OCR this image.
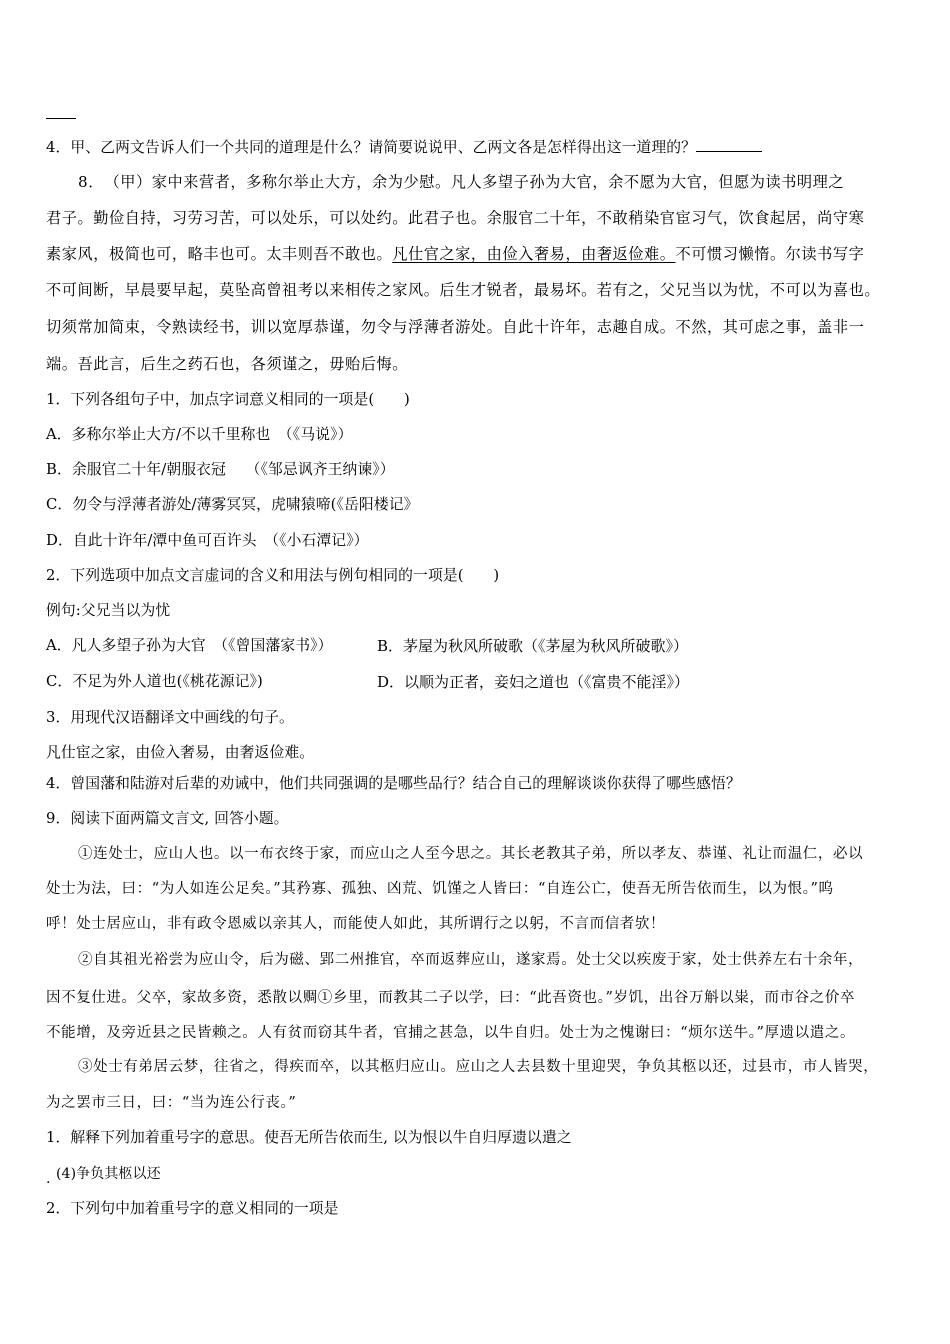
4．甲、乙两文告诉人们一个共同的道理是什么？请简要说说甲、乙两文各是怎样得出这一道理的？
8．　（甲）家中来营者，多称尔举止大方，余为少慰。凡人多望子孙为大官，余不愿为大官，但愿为读书明理之
君子。勤俭自持，习劳习苦，可以处乐，可以处约。此君子也。余服官二十年，不敢稍染官宦习气，饮食起居，尚守寒
素家风，极简也可，略丰也可。太丰则吾不敢也。凡仕官之家，由俭入奢易，由奢返俭难。不可惯习懒惰。尔读书写字
不可间断，早晨要早起，莫坠高曾祖考以来相传之家风。后生才锐者，最易坏。若有之，父兄当以为忧，不可以为喜也。
切须常加简束，令熟读经书，训以宽厚恭谨，勿令与浮薄者游处。自此十许年，志趣自成。不然，其可虑之事，盖非一
端。吾此言，后生之药石也，各须谨之，毋贻后悔。
1．下列各组句子中，加点字词意义相同的一项是(　　)
A．多称尔举止大方/不以千里称也　（《马说》）
B．余服官二十年/朝服衣冠　 （《邹忌讽齐王纳谏》）
C．勿令与浮薄者游处/薄雾冥冥，虎啸猿啼(《岳阳楼记》
D．自此十许年/潭中鱼可百许头　（《小石潭记》）
2．下列选项中加点文言虚词的含义和用法与例句相同的一项是(　　)
例句:父兄当以为忧
A．凡人多望子孙为大官　（《曾国藩家书》）	B．茅屋为秋风所破歌（《茅屋为秋风所破歌》）
C．不足为外人道也(《桃花源记》)	D．以顺为正者，妾妇之道也（《富贵不能淫》）
3．用现代汉语翻译文中画线的句子。
凡仕宦之家，由俭入奢易，由奢返俭难。
4．曾国藩和陆游对后辈的劝诫中，他们共同强调的是哪些品行？结合自己的理解谈谈你获得了哪些感悟？
9．阅读下面两篇文言文, 回答小题。
①连处士，应山人也。以一布衣终于家，而应山之人至今思之。其长老教其子弟，所以孝友、恭谨、礼让而温仁，必以
处士为法，曰：“为人如连公足矣。”其矜寡、孤独、凶荒、饥馑之人皆曰：“自连公亡，使吾无所告依而生，以为恨。”呜
呼！处士居应山，非有政令恩威以亲其人，而能使人如此，其所谓行之以躬，不言而信者欤！
②自其祖光裕尝为应山令，后为磁、郢二州推官，卒而返葬应山，遂家焉。处士父以疾废于家，处士供养左右十余年，
因不复仕进。父卒，家故多资，悉散以赒①乡里，而教其二子以学，曰：“此吾资也。”岁饥，出谷万斛以粜，而市谷之价卒
不能增，及旁近县之民皆赖之。人有贫而窃其牛者，官捕之甚急，以牛自归。处士为之愧谢曰：“烦尔送牛。”厚遗以遣之。
③处士有弟居云梦，往省之，得疾而卒，以其柩归应山。应山之人去县数十里迎哭，争负其柩以还，过县市，市人皆哭，
为之罢市三日，曰：“当为连公行丧。”
1．解释下列加着重号字的意思。使吾无所告依而生, 以为恨以牛自归厚遗以遣之
. (4)争负其柩以还
2．下列句中加着重号字的意义相同的一项是
